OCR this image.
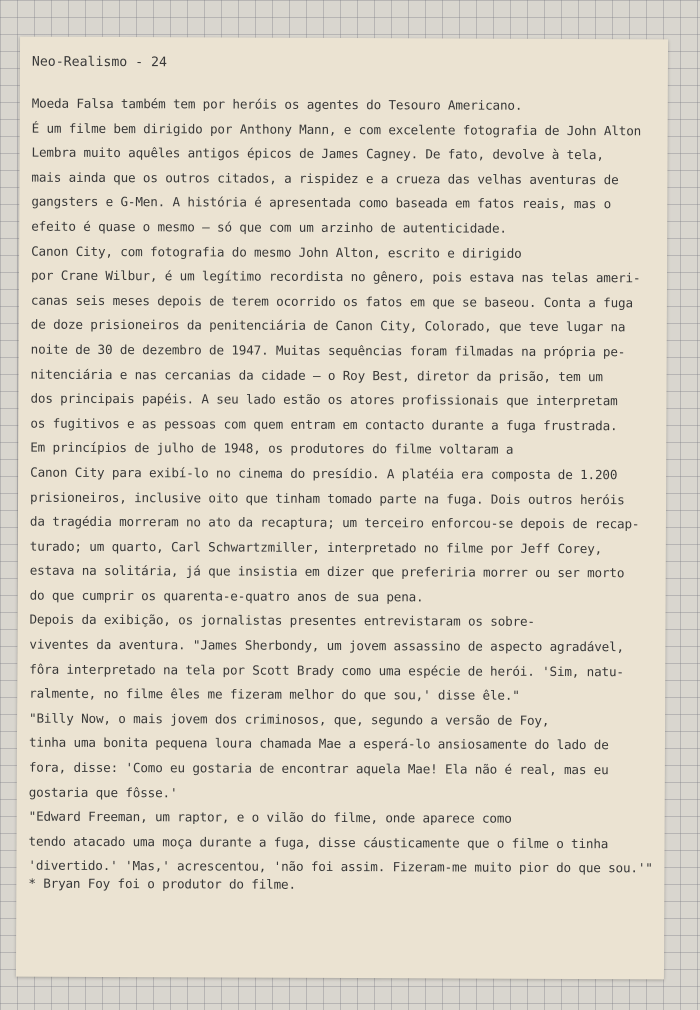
Neo-Realismo - 24
Moeda Falsa também tem por heróis os agentes do Tesouro Americano.
É um filme bem dirigido por Anthony Mann, e com excelente fotografia de John Alton
Lembra muito aquêles antigos épicos de James Cagney. De fato, devolve à tela,
mais ainda que os outros citados, a rispidez e a crueza das velhas aventuras de
gangsters e G-Men. A história é apresentada como baseada em fatos reais, mas o
efeito é quase o mesmo — só que com um arzinho de autenticidade.
Canon City, com fotografia do mesmo John Alton, escrito e dirigido
por Crane Wilbur, é um legítimo recordista no gênero, pois estava nas telas ameri-
canas seis meses depois de terem ocorrido os fatos em que se baseou. Conta a fuga
de doze prisioneiros da penitenciária de Canon City, Colorado, que teve lugar na
noite de 30 de dezembro de 1947. Muitas sequências foram filmadas na própria pe-
nitenciária e nas cercanias da cidade — o Roy Best, diretor da prisão, tem um
dos principais papéis. A seu lado estão os atores profissionais que interpretam
os fugitivos e as pessoas com quem entram em contacto durante a fuga frustrada.
Em princípios de julho de 1948, os produtores do filme voltaram a
Canon City para exibí-lo no cinema do presídio. A platéia era composta de 1.200
prisioneiros, inclusive oito que tinham tomado parte na fuga. Dois outros heróis
da tragédia morreram no ato da recaptura; um terceiro enforcou-se depois de recap-
turado; um quarto, Carl Schwartzmiller, interpretado no filme por Jeff Corey,
estava na solitária, já que insistia em dizer que preferiria morrer ou ser morto
do que cumprir os quarenta-e-quatro anos de sua pena.
Depois da exibição, os jornalistas presentes entrevistaram os sobre-
viventes da aventura. "James Sherbondy, um jovem assassino de aspecto agradável,
fôra interpretado na tela por Scott Brady como uma espécie de herói. 'Sim, natu-
ralmente, no filme êles me fizeram melhor do que sou,' disse êle."
"Billy Now, o mais jovem dos criminosos, que, segundo a versão de Foy,
tinha uma bonita pequena loura chamada Mae a esperá-lo ansiosamente do lado de
fora, disse: 'Como eu gostaria de encontrar aquela Mae! Ela não é real, mas eu
gostaria que fôsse.'
"Edward Freeman, um raptor, e o vilão do filme, onde aparece como
tendo atacado uma moça durante a fuga, disse cáusticamente que o filme o tinha
'divertido.' 'Mas,' acrescentou, 'não foi assim. Fizeram-me muito pior do que sou.'"
* Bryan Foy foi o produtor do filme.
